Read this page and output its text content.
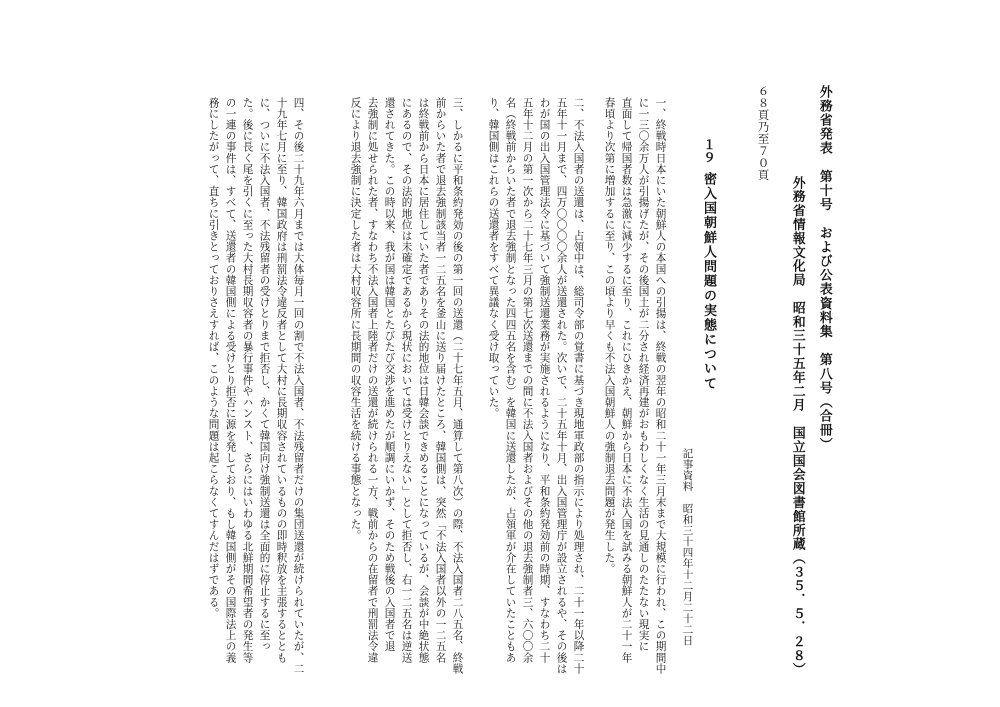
外務省発表　第十号　および公表資料集　第八号（合冊）
外務省情報文化局　昭和三十五年二月　国立国会図書館所蔵（３５．５．２８）
６８頁乃至７０頁
１９
密入国朝鮮人問題の実態について
記事資料　昭和三十四年十二月二十二日
一、終戦時日本にいた朝鮮人の本国への引揚は、終戦の翌年の昭和二十一年三月末まで大規模に行われ、この期間中
に一三〇余万人が引揚げたが、その後国土が二分され経済再建がおもわしくなく生活の見通しのたたない現実に
直面して帰国者数は急激に減少するに至り、これにひきかえ、朝鮮から日本に不法入国を試みる朝鮮人が二十一年
春頃より次第に増加するに至り、この頃より早くも不法入国朝鮮人の強制退去問題が発生した。
二、不法入国者の送還は、占領中は、総司令部の覚書に基づき現地軍政部の指示により処理され、二十一年以降二十
五年十一月まで、四万〇〇〇〇余人が送還された。次いで、二十五年十月、出入国管理庁が設立されるや、その後は
わが国の出入国管理法令に基づいて強制送還業務が実施されるようになり、平和条約発効前の時期、すなわち二十
五年十二月の第一次から二十七年三月の第七次送還までの間に不法入国者およびその他の退去強制者三、六〇〇余
名（終戦前からいた者で退去強制となった四四五名を含む）を韓国に送還したが、占領軍が介在していたこともあ
り、韓国側はこれらの送還者をすべて異議なく受け取っていた。
三、しかるに平和条約発効の後の第一回の送還（二十七年五月、通算して第八次）の際、不法入国者二八五名、終戦
前からいた者で退去強制該当者一二五名を釜山に送り届けたところ、韓国側は、突然「不法入国者以外の一二五名
は終戦前から日本に居住していた者でありその法的地位は日韓会談できめることになっているが、会談が中絶状態
にあるので、その法的地位は未確定であるから現状においては受けとりえない」として拒否し、右一二五名は逆送
還されてきた。この時以来、我が国は韓国とたびたび交渉を進めたが順調にいかず、そのため戦後の入国者で退
去強制に処せられた者、すなわち不法入国者上陸者だけの送還が続けられる一方、戦前からの在留者で刑罰法令違
反により退去強制に決定した者は大村収容所に長期間の収容生活を続ける事態となった。
四、その後二十九年六月までは大体毎月一回の割で不法入国者、不法残留者だけの集団送還が続けられていたが、二
十九年七月に至り、韓国政府は刑罰法令違反者として大村に長期収容されているものの即時釈放を主張するととも
に、ついに不法入国者、不法残留者の受けとりまで拒否し、かくて韓国向け強制送還は全面的に停止するに至っ
た。後に長く尾を引くに至った大村長期収容者の暴行事件やハンスト、さらにはいわゆる北鮮期間希望者の発生等
の一連の事件は、すべて、送還者の韓国側による受けとり拒否に源を発しており、もし韓国側がその国際法上の義
務にしたがって、直ちに引きとっておりさえすれば、このような問題は起こらなくてすんだはずである。
